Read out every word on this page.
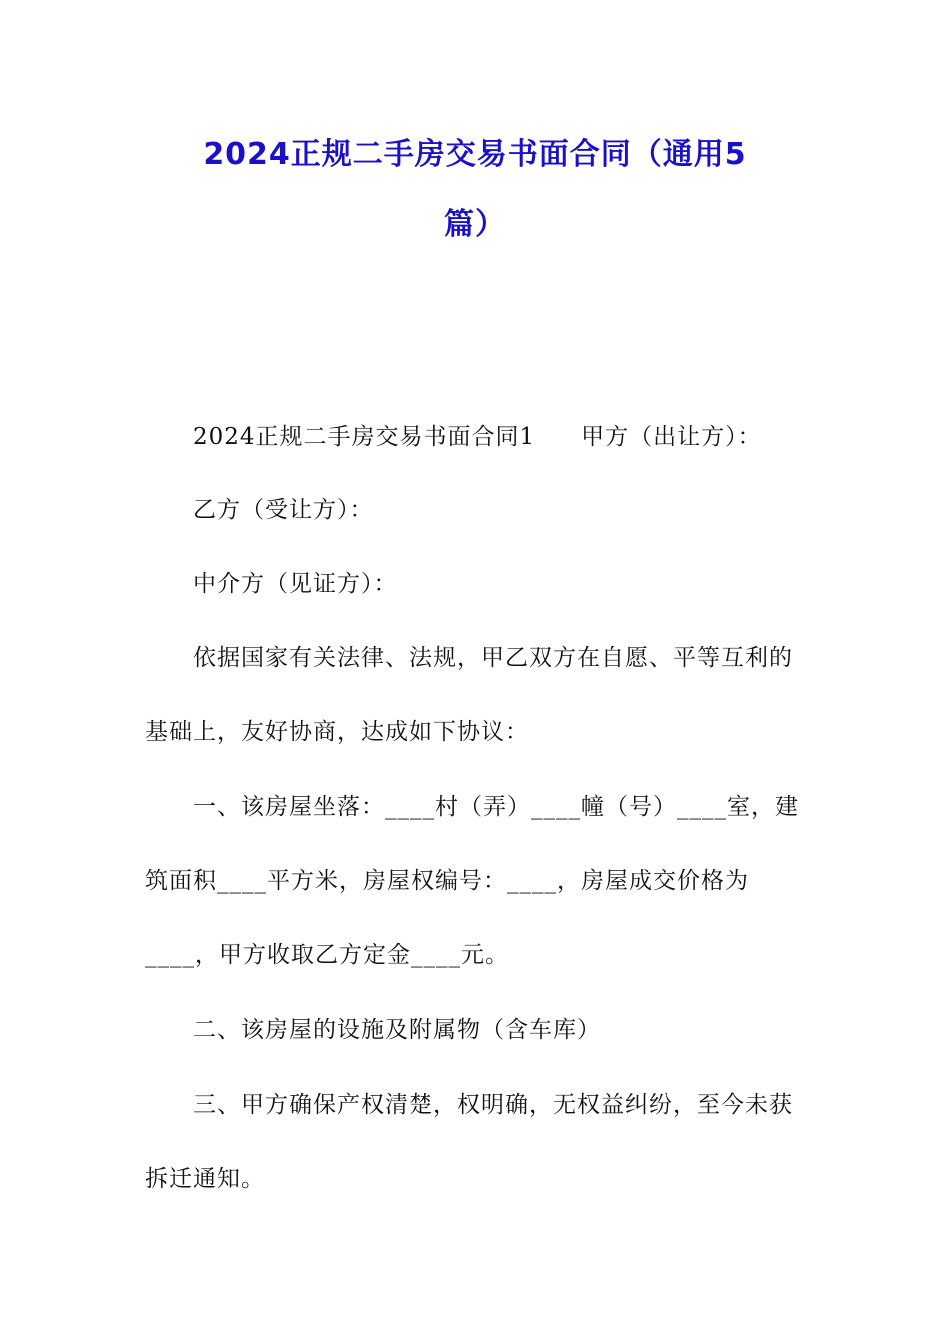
2024正规二手房交易书面合同（通用5
篇）
2024正规二手房交易书面合同1 甲方（出让方）：
乙方（受让方）：
中介方（见证方）：
依据国家有关法律、法规，甲乙双方在自愿、平等互利的基础上，友好协商，达成如下协议：
一、该房屋坐落：____村（弄）____幢（号）____室，建筑面积____平方米，房屋权编号：____，房屋成交价格为____，甲方收取乙方定金____元。
二、该房屋的设施及附属物（含车库）
三、甲方确保产权清楚，权明确，无权益纠纷，至今未获拆迁通知。
